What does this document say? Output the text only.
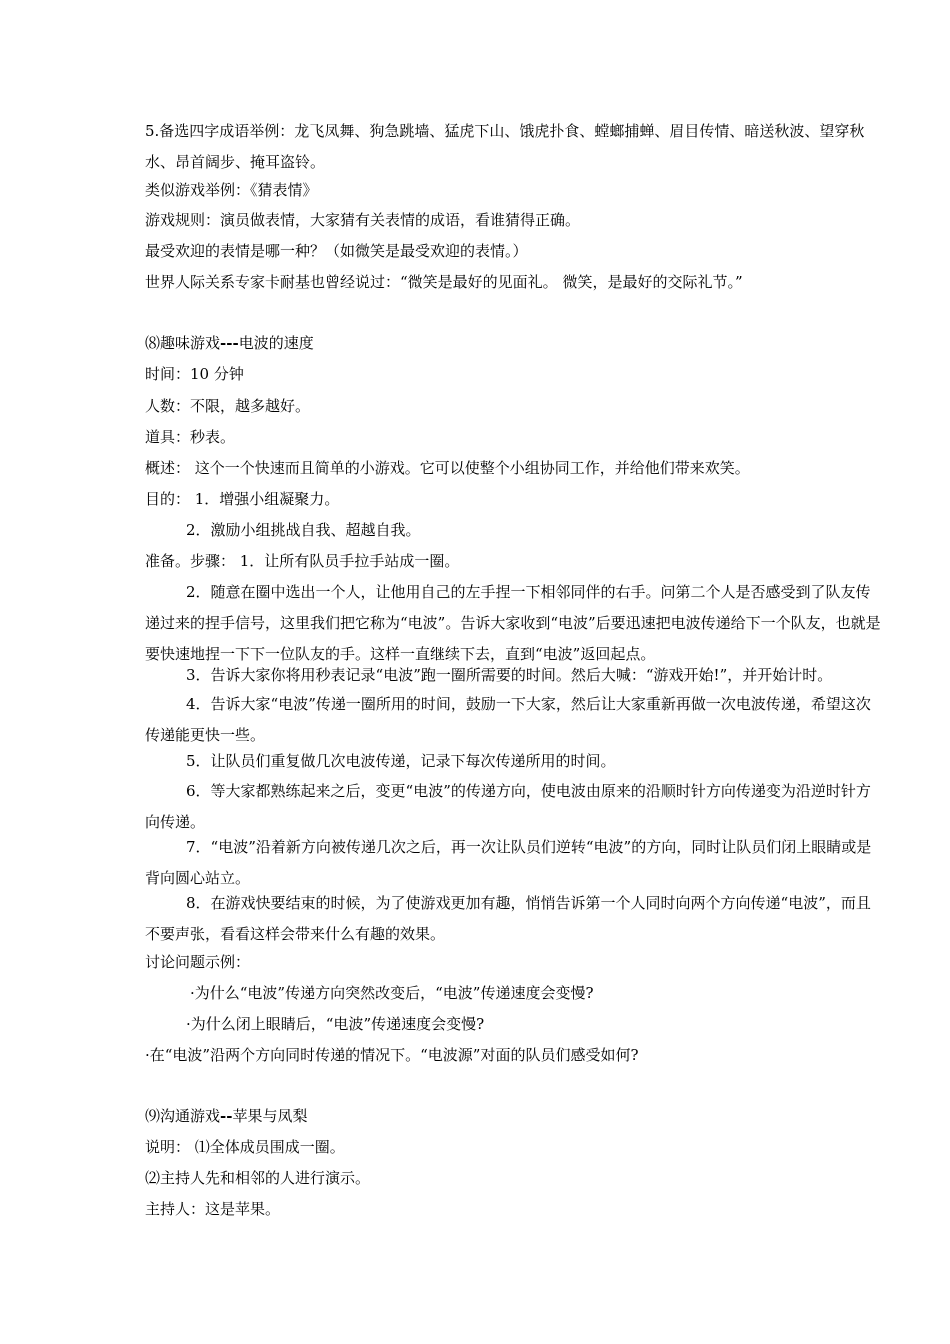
5.备选四字成语举例：龙飞凤舞、狗急跳墙、猛虎下山、饿虎扑食、螳螂捕蝉、眉目传情、暗送秋波、望穿秋水、昂首阔步、掩耳盗铃。
类似游戏举例：《猜表情》
游戏规则：演员做表情，大家猜有关表情的成语，看谁猜得正确。
最受欢迎的表情是哪一种？（如微笑是最受欢迎的表情。）
世界人际关系专家卡耐基也曾经说过：“微笑是最好的见面礼。 微笑，是最好的交际礼节。”
⑻趣味游戏---电波的速度
时间：10 分钟
人数：不限，越多越好。
道具：秒表。
概述： 这个一个快速而且简单的小游戏。它可以使整个小组协同工作，并给他们带来欢笑。
目的： 1．增强小组凝聚力。
2．激励小组挑战自我、超越自我。
准备。步骤： 1．让所有队员手拉手站成一圈。
2．随意在圈中选出一个人，让他用自己的左手捏一下相邻同伴的右手。问第二个人是否感受到了队友传递过来的捏手信号，这里我们把它称为“电波”。告诉大家收到“电波”后要迅速把电波传递给下一个队友，也就是要快速地捏一下下一位队友的手。这样一直继续下去，直到“电波”返回起点。
3．告诉大家你将用秒表记录“电波”跑一圈所需要的时间。然后大喊：“游戏开始!”，并开始计时。
4．告诉大家“电波”传递一圈所用的时间，鼓励一下大家，然后让大家重新再做一次电波传递，希望这次传递能更快一些。
5．让队员们重复做几次电波传递，记录下每次传递所用的时间。
6．等大家都熟练起来之后，变更“电波”的传递方向，使电波由原来的沿顺时针方向传递变为沿逆时针方向传递。
7．“电波”沿着新方向被传递几次之后，再一次让队员们逆转“电波”的方向，同时让队员们闭上眼睛或是背向圆心站立。
8．在游戏快要结束的时候，为了使游戏更加有趣，悄悄告诉第一个人同时向两个方向传递“电波”，而且不要声张，看看这样会带来什么有趣的效果。
讨论问题示例：
·为什么“电波”传递方向突然改变后，“电波”传递速度会变慢?
·为什么闭上眼睛后，“电波”传递速度会变慢?
·在“电波”沿两个方向同时传递的情况下。“电波源”对面的队员们感受如何?
⑼沟通游戏--苹果与凤梨
说明： ⑴全体成员围成一圈。
⑵主持人先和相邻的人进行演示。
主持人：这是苹果。
